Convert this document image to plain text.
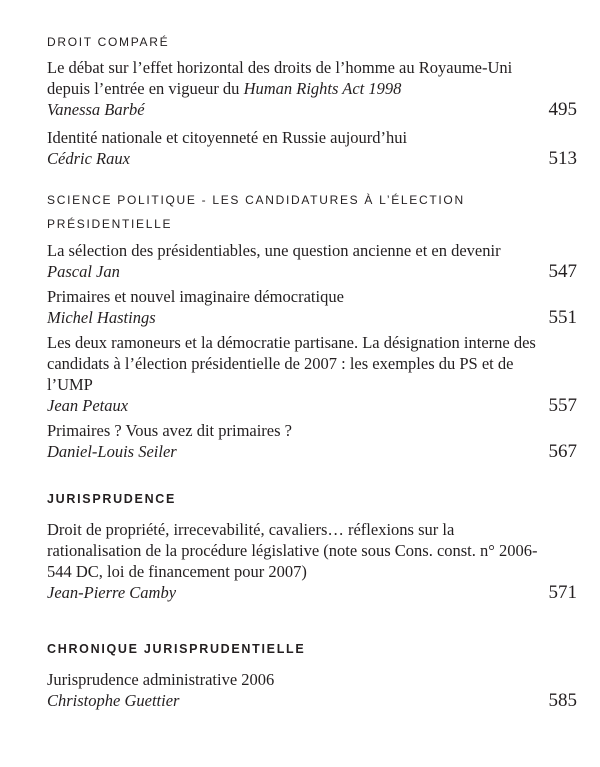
DROIT COMPARÉ
Le débat sur l’effet horizontal des droits de l’homme au Royaume-Uni depuis l’entrée en vigueur du Human Rights Act 1998
Vanessa Barbé	495
Identité nationale et citoyenneté en Russie aujourd’hui
Cédric Raux	513
SCIENCE POLITIQUE - LES CANDIDATURES À L’ÉLECTION PRÉSIDENTIELLE
La sélection des présidentiables, une question ancienne et en devenir
Pascal Jan	547
Primaires et nouvel imaginaire démocratique
Michel Hastings	551
Les deux ramoneurs et la démocratie partisane. La désignation interne des candidats à l’élection présidentielle de 2007 : les exemples du PS et de l’UMP
Jean Petaux	557
Primaires ? Vous avez dit primaires ?
Daniel-Louis Seiler	567
JURISPRUDENCE
Droit de propriété, irrecevabilité, cavaliers… réflexions sur la rationalisation de la procédure législative (note sous Cons. const. n° 2006-544 DC, loi de financement pour 2007)
Jean-Pierre Camby	571
CHRONIQUE JURISPRUDENTIELLE
Jurisprudence administrative 2006
Christophe Guettier	585
